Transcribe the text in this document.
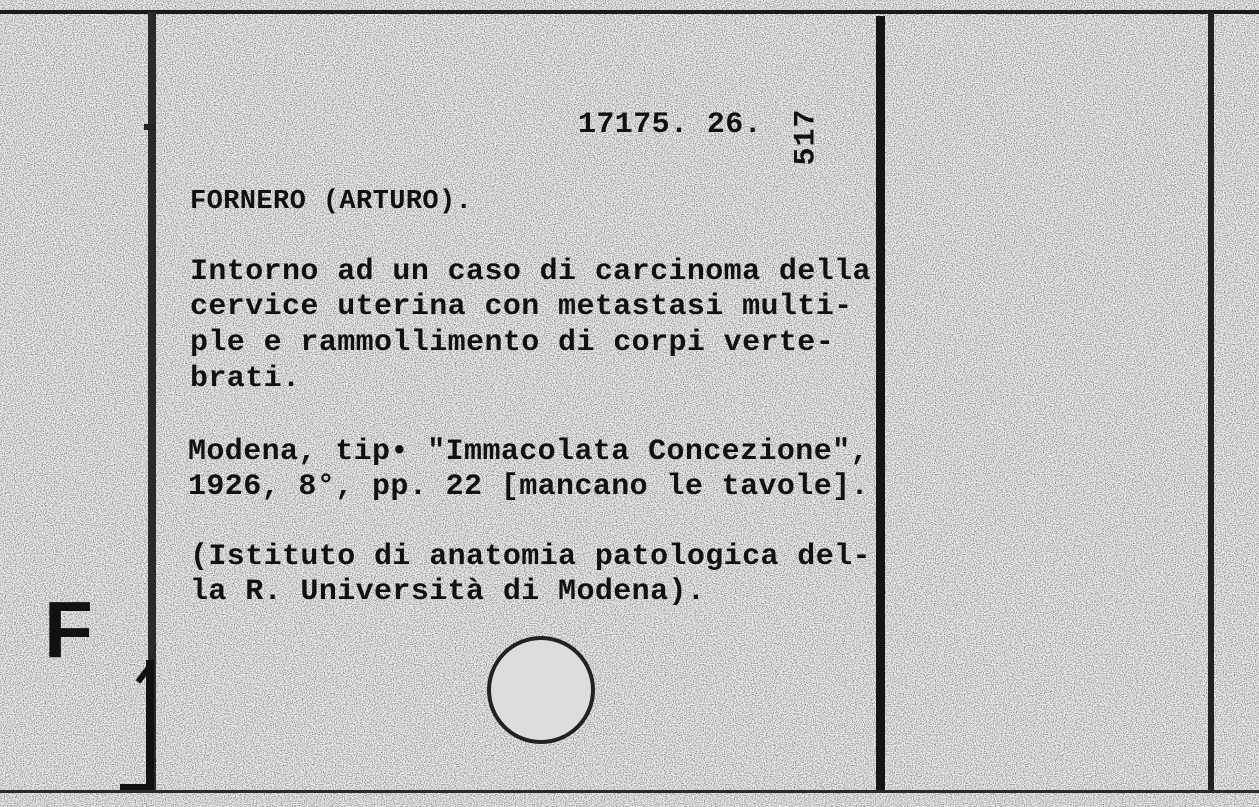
17175. 26. 517
FORNERO (ARTURO).
Intorno ad un caso di carcinoma della
cervice uterina con metastasi multi-
ple e rammollimento di corpi verte-
brati.
Modena, tip• "Immacolata Concezione",
1926, 8°, pp. 22 [mancano le tavole].
(Istituto di anatomia patologica del-
la R. Università di Modena).
F
